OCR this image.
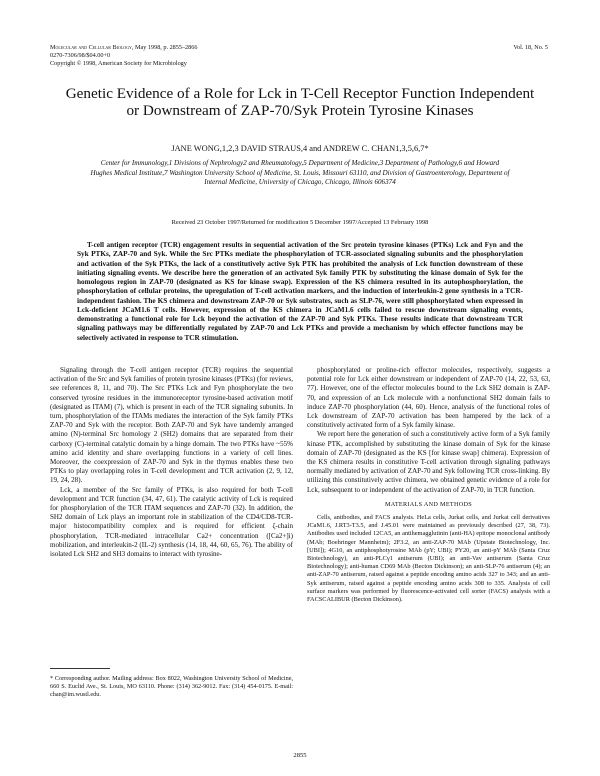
Molecular and Cellular Biology, May 1998, p. 2855–2866
0270-7306/98/$04.00+0
Copyright © 1998, American Society for Microbiology
Vol. 18, No. 5
Genetic Evidence of a Role for Lck in T-Cell Receptor Function Independent or Downstream of ZAP-70/Syk Protein Tyrosine Kinases
JANE WONG,1,2,3 DAVID STRAUS,4 and ANDREW C. CHAN1,3,5,6,7*
Center for Immunology,1 Divisions of Nephrology2 and Rheumatology,5 Department of Medicine,3 Department of Pathology,6 and Howard Hughes Medical Institute,7 Washington University School of Medicine, St. Louis, Missouri 63110, and Division of Gastroenterology, Department of Internal Medicine, University of Chicago, Chicago, Illinois 606374
Received 23 October 1997/Returned for modification 5 December 1997/Accepted 13 February 1998

T-cell antigen receptor (TCR) engagement results in sequential activation of the Src protein tyrosine kinases (PTKs) Lck and Fyn and the Syk PTKs, ZAP-70 and Syk. While the Src PTKs mediate the phosphorylation of TCR-associated signaling subunits and the phosphorylation and activation of the Syk PTKs, the lack of a constitutively active Syk PTK has prohibited the analysis of Lck function downstream of these initiating signaling events. We describe here the generation of an activated Syk family PTK by substituting the kinase domain of Syk for the homologous region in ZAP-70 (designated as KS for kinase swap). Expression of the KS chimera resulted in its autophosphorylation, the phosphorylation of cellular proteins, the upregulation of T-cell activation markers, and the induction of interleukin-2 gene synthesis in a TCR-independent fashion. The KS chimera and downstream ZAP-70 or Syk substrates, such as SLP-76, were still phosphorylated when expressed in Lck-deficient JCaM1.6 T cells. However, expression of the KS chimera in JCaM1.6 cells failed to rescue downstream signaling events, demonstrating a functional role for Lck beyond the activation of the ZAP-70 and Syk PTKs. These results indicate that downstream TCR signaling pathways may be differentially regulated by ZAP-70 and Lck PTKs and provide a mechanism by which effector functions may be selectively activated in response to TCR stimulation.

Signaling through the T-cell antigen receptor (TCR) requires the sequential activation of the Src and Syk families of protein tyrosine kinases (PTKs) (for reviews, see references 8, 11, and 70). The Src PTKs Lck and Fyn phosphorylate the two conserved tyrosine residues in the immunoreceptor tyrosine-based activation motif (designated as ITAM) (7), which is present in each of the TCR signaling subunits. In turn, phosphorylation of the ITAMs mediates the interaction of the Syk family PTKs ZAP-70 and Syk with the receptor. Both ZAP-70 and Syk have tandemly arranged amino (N)-terminal Src homology 2 (SH2) domains that are separated from their carboxy (C)-terminal catalytic domain by a hinge domain. The two PTKs have ~55% amino acid identity and share overlapping functions in a variety of cell lines. Moreover, the coexpression of ZAP-70 and Syk in the thymus enables these two PTKs to play overlapping roles in T-cell development and TCR activation (2, 9, 12, 19, 24, 28).

Lck, a member of the Src family of PTKs, is also required for both T-cell development and TCR function (34, 47, 61). The catalytic activity of Lck is required for phosphorylation of the TCR ITAM sequences and ZAP-70 (32). In addition, the SH2 domain of Lck plays an important role in stabilization of the CD4/CD8-TCR-major histocompatibility complex and is required for efficient ζ-chain phosphorylation, TCR-mediated intracellular Ca2+ concentration ([Ca2+]i) mobilization, and interleukin-2 (IL-2) synthesis (14, 18, 44, 60, 65, 76). The ability of isolated Lck SH2 and SH3 domains to interact with tyrosine-

phosphorylated or proline-rich effector molecules, respectively, suggests a potential role for Lck either downstream or independent of ZAP-70 (14, 22, 53, 63, 77). However, one of the effector molecules bound to the Lck SH2 domain is ZAP-70, and expression of an Lck molecule with a nonfunctional SH2 domain fails to induce ZAP-70 phosphorylation (44, 60). Hence, analysis of the functional roles of Lck downstream of ZAP-70 activation has been hampered by the lack of a constitutively activated form of a Syk family kinase.

We report here the generation of such a constitutively active form of a Syk family kinase PTK, accomplished by substituting the kinase domain of Syk for the kinase domain of ZAP-70 (designated as the KS [for kinase swap] chimera). Expression of the KS chimera results in constitutive T-cell activation through signaling pathways normally mediated by activation of ZAP-70 and Syk following TCR cross-linking. By utilizing this constitutively active chimera, we obtained genetic evidence of a role for Lck, subsequent to or independent of the activation of ZAP-70, in TCR function.

MATERIALS AND METHODS

Cells, antibodies, and FACS analysis. HeLa cells, Jurkat cells, and Jurkat cell derivatives JCaM1.6, J.RT3-T3.5, and J.45.01 were maintained as previously described (27, 38, 73). Antibodies used included 12CA5, an antihemagglutinin (anti-HA) epitope monoclonal antibody (MAb; Boehringer Mannheim); 2F3.2, an anti-ZAP-70 MAb (Upstate Biotechnology, Inc. [UBI]); 4G10, an antiphosphotyrosine MAb (pY; UBI); PY20, an anti-pY MAb (Santa Cruz Biotechnology), an anti-PLCγ1 antiserum (UBI); an anti-Vav antiserum (Santa Cruz Biotechnology); anti-human CD69 MAb (Becton Dickinson); an anti-SLP-76 antiserum (4); an anti-ZAP-70 antiserum, raised against a peptide encoding amino acids 327 to 343; and an anti-Syk antiserum, raised against a peptide encoding amino acids 308 to 335. Analysis of cell surface markers was performed by fluorescence-activated cell sorter (FACS) analysis with a FACSCALIBUR (Becton Dickinson).

* Corresponding author. Mailing address: Box 8022, Washington University School of Medicine, 660 S. Euclid Ave., St. Louis, MO 63110. Phone: (314) 362-9012. Fax: (314) 454-0175. E-mail: chan@im.wustl.edu.
2855
